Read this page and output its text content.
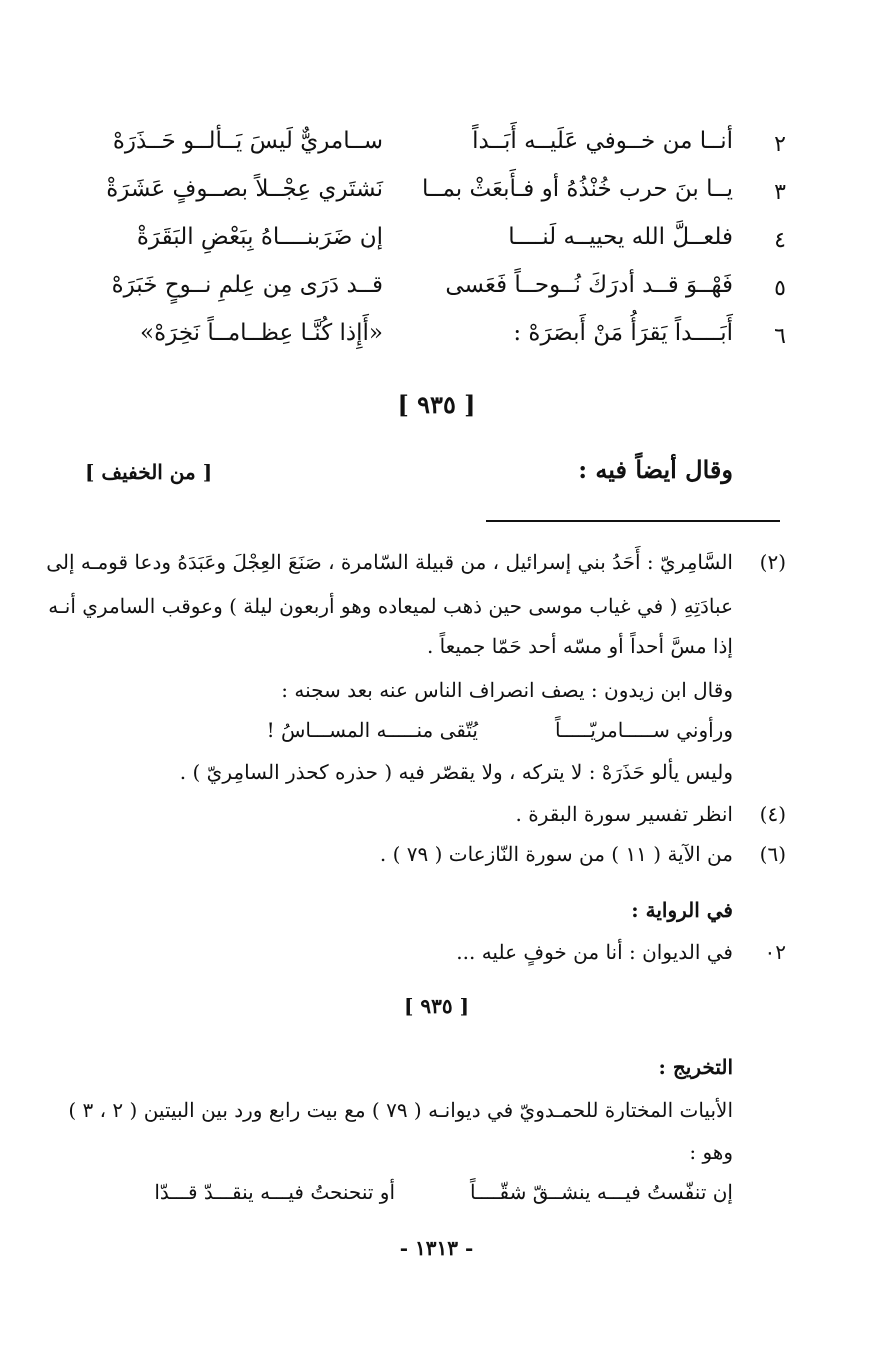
٢
أنــا من خــوفي عَلَيــه أَبَــداً
ســامريٌّ لَيسَ يَــألــو حَــذَرَهْ
٣
يــا بنَ حرب خُنْذُهُ أو فـأَبعَثْ بمــا
نَشتَري عِجْــلاً بصــوفٍ عَشَرَةْ
٤
فلعــلَّ الله يحييــه لَنــــا
إن ضَرَبنــــاهُ بِبَعْضِ البَقَرَةْ
٥
فَهْــوَ قــد أدرَكَ نُــوحــاً فَعَسى
قــد دَرَى مِن عِلمِ نــوحٍ خَبَرَهْ
٦
أَبَــــداً يَقرَأُ مَنْ أَبصَرَهْ :
«أَإِذا كُنَّـا عِظــامــاً نَخِرَهْ»
[ ٩٣٥ ]
وقال أيضاً فيه :
[ من الخفيف ]
(٢)
السَّامِريّ : أَحَدُ بني إسرائيل ، من قبيلة السّامرة ، صَنَعَ العِجْلَ وعَبَدَهُ ودعا قومـه إلى
عبادَتِهِ ( في غياب موسى حين ذهب لميعاده وهو أربعون ليلة ) وعوقب السامري أنـه
إذا مسَّ أحداً أو مسّه أحد حَمّا جميعاً .
وقال ابن زيدون : يصف انصراف الناس عنه بعد سجنه :
ورأوني ســـــامريّـــــاً
يُتّقى منـــــه المســـاسُ !
وليس يألو حَذَرَهْ : لا يتركه ، ولا يقصّر فيه ( حذره كحذر السامِريّ ) .
(٤)
انظر تفسير سورة البقرة .
(٦)
من الآية ( ١١ ) من سورة النّازعات ( ٧٩ ) .
في الرواية :
٠٢
في الديوان : أنا من خوفٍ عليه ...
[ ٩٣٥ ]
التخريج :
الأبيات المختارة للحمـدويّ في ديوانـه ( ٧٩ ) مع بيت رابع ورد بين البيتين ( ٢ ، ٣ )
وهو :
إن تنفّستُ فيـــه ينشــقّ شقّــــاً
أو تنحنحتُ فيـــه ينقـــدّ قـــدّا
- ١٣١٣ -
